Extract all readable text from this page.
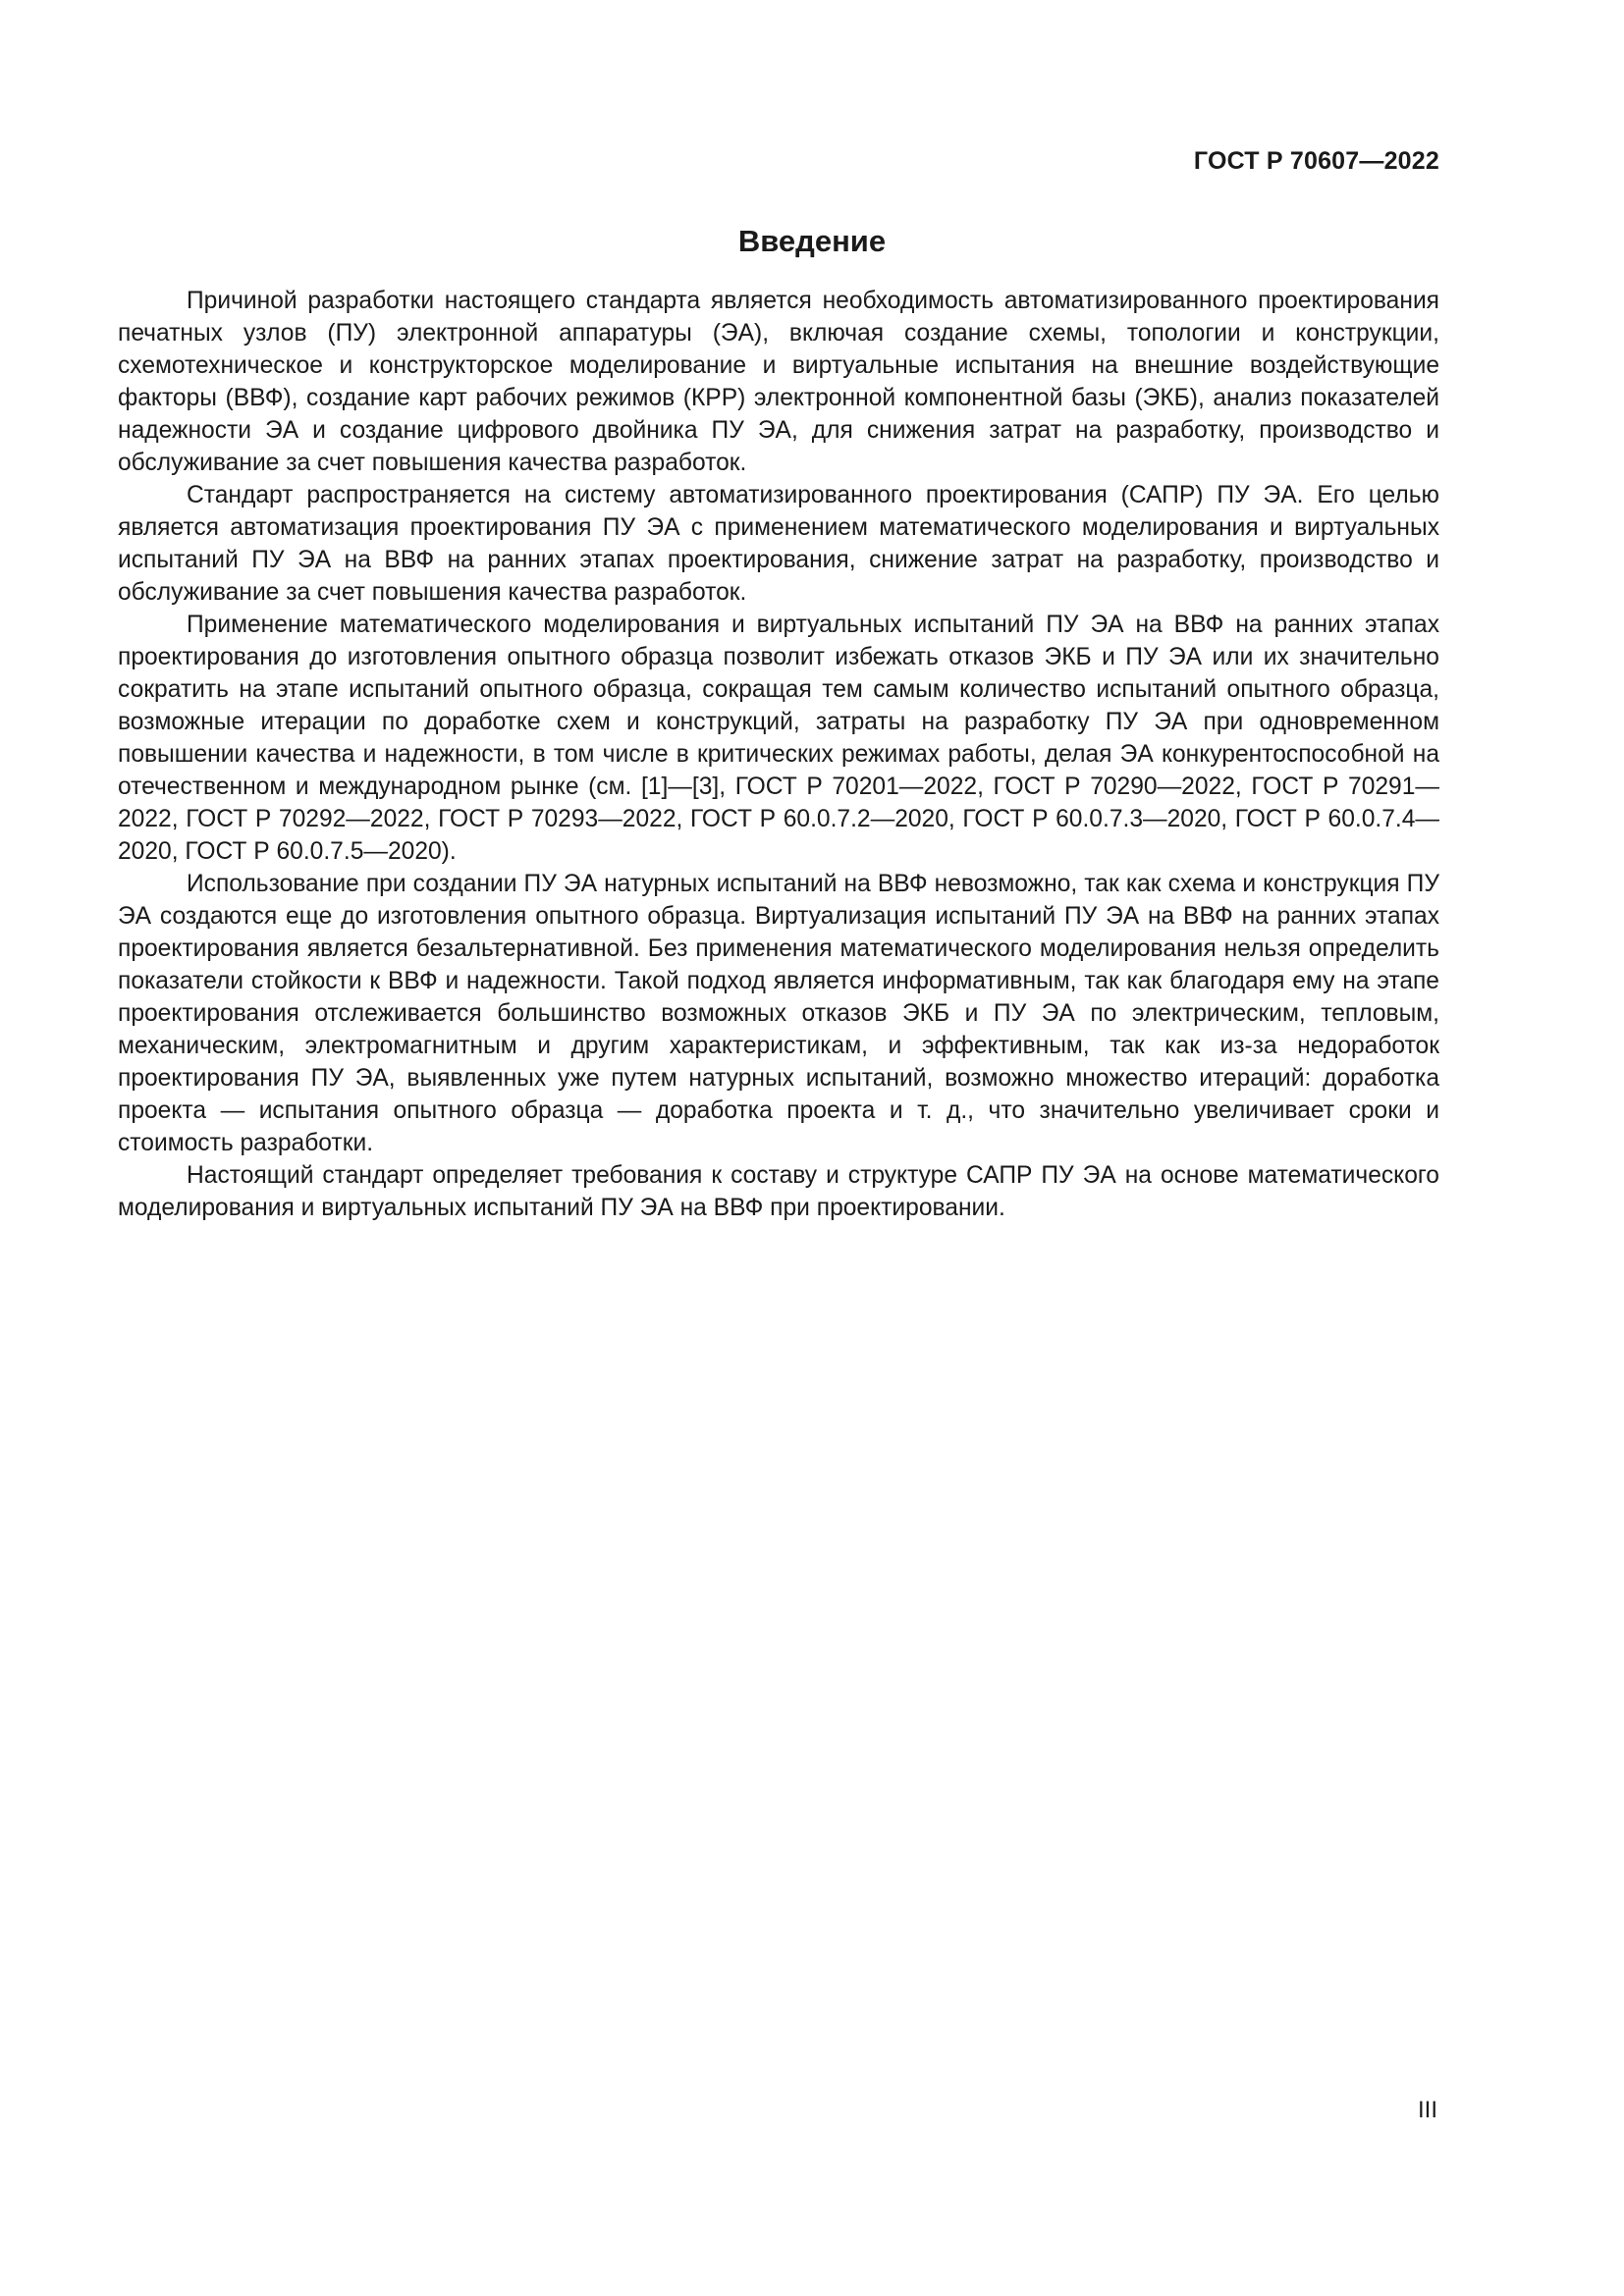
ГОСТ Р 70607—2022
Введение

Причиной разработки настоящего стандарта является необходимость автоматизированного проектирования печатных узлов (ПУ) электронной аппаратуры (ЭА), включая создание схемы, топологии и конструкции, схемотехническое и конструкторское моделирование и виртуальные испытания на внешние воздействующие факторы (ВВФ), создание карт рабочих режимов (КРР) электронной компонентной базы (ЭКБ), анализ показателей надежности ЭА и создание цифрового двойника ПУ ЭА, для снижения затрат на разработку, производство и обслуживание за счет повышения качества разработок.

Стандарт распространяется на систему автоматизированного проектирования (САПР) ПУ ЭА. Его целью является автоматизация проектирования ПУ ЭА с применением математического моделирования и виртуальных испытаний ПУ ЭА на ВВФ на ранних этапах проектирования, снижение затрат на разработку, производство и обслуживание за счет повышения качества разработок.

Применение математического моделирования и виртуальных испытаний ПУ ЭА на ВВФ на ранних этапах проектирования до изготовления опытного образца позволит избежать отказов ЭКБ и ПУ ЭА или их значительно сократить на этапе испытаний опытного образца, сокращая тем самым количество испытаний опытного образца, возможные итерации по доработке схем и конструкций, затраты на разработку ПУ ЭА при одновременном повышении качества и надежности, в том числе в критических режимах работы, делая ЭА конкурентоспособной на отечественном и международном рынке (см. [1]—[3], ГОСТ Р 70201—2022, ГОСТ Р 70290—2022, ГОСТ Р 70291—2022, ГОСТ Р 70292—2022, ГОСТ Р 70293—2022, ГОСТ Р 60.0.7.2—2020, ГОСТ Р 60.0.7.3—2020, ГОСТ Р 60.0.7.4—2020, ГОСТ Р 60.0.7.5—2020).

Использование при создании ПУ ЭА натурных испытаний на ВВФ невозможно, так как схема и конструкция ПУ ЭА создаются еще до изготовления опытного образца. Виртуализация испытаний ПУ ЭА на ВВФ на ранних этапах проектирования является безальтернативной. Без применения математического моделирования нельзя определить показатели стойкости к ВВФ и надежности. Такой подход является информативным, так как благодаря ему на этапе проектирования отслеживается большинство возможных отказов ЭКБ и ПУ ЭА по электрическим, тепловым, механическим, электромагнитным и другим характеристикам, и эффективным, так как из-за недоработок проектирования ПУ ЭА, выявленных уже путем натурных испытаний, возможно множество итераций: доработка проекта — испытания опытного образца — доработка проекта и т. д., что значительно увеличивает сроки и стоимость разработки.

Настоящий стандарт определяет требования к составу и структуре САПР ПУ ЭА на основе математического моделирования и виртуальных испытаний ПУ ЭА на ВВФ при проектировании.

III
